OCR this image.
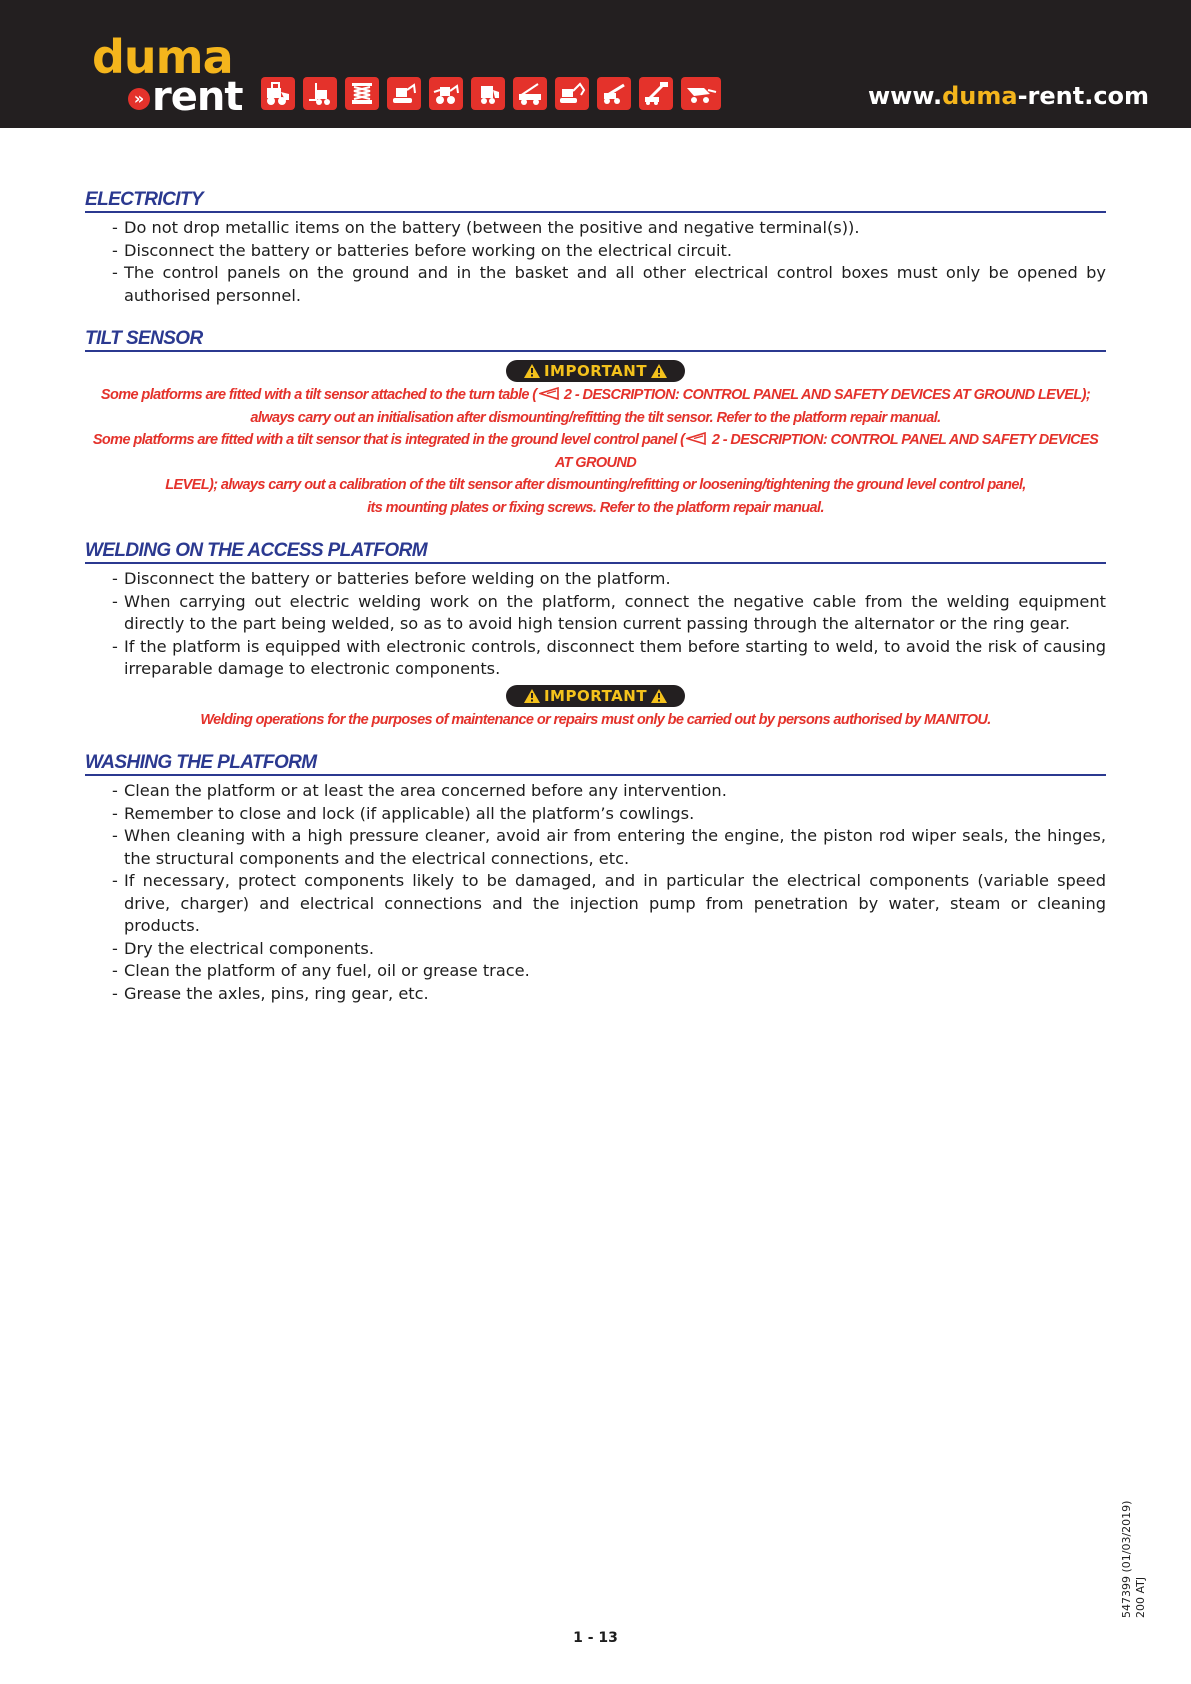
duma
» rent	www.duma-rent.com
ELECTRICITY
- Do not drop metallic items on the battery (between the positive and negative terminal(s)).
- Disconnect the battery or batteries before working on the electrical circuit.
- The control panels on the ground and in the basket and all other electrical control boxes must only be opened by authorised personnel.
TILT SENSOR
IMPORTANT
Some platforms are fitted with a tilt sensor attached to the turn table ( 2 - DESCRIPTION: CONTROL PANEL AND SAFETY DEVICES AT GROUND LEVEL);
always carry out an initialisation after dismounting/refitting the tilt sensor. Refer to the platform repair manual.
Some platforms are fitted with a tilt sensor that is integrated in the ground level control panel ( 2 - DESCRIPTION: CONTROL PANEL AND SAFETY DEVICES AT GROUND
LEVEL); always carry out a calibration of the tilt sensor after dismounting/refitting or loosening/tightening the ground level control panel,
its mounting plates or fixing screws. Refer to the platform repair manual.
WELDING ON THE ACCESS PLATFORM
- Disconnect the battery or batteries before welding on the platform.
- When carrying out electric welding work on the platform, connect the negative cable from the welding equipment directly to the part being welded, so as to avoid high tension current passing through the alternator or the ring gear.
- If the platform is equipped with electronic controls, disconnect them before starting to weld, to avoid the risk of causing irreparable damage to electronic components.
IMPORTANT
Welding operations for the purposes of maintenance or repairs must only be carried out by persons authorised by MANITOU.
WASHING THE PLATFORM
- Clean the platform or at least the area concerned before any intervention.
- Remember to close and lock (if applicable) all the platform’s cowlings.
- When cleaning with a high pressure cleaner, avoid air from entering the engine, the piston rod wiper seals, the hinges, the structural components and the electrical connections, etc.
- If necessary, protect components likely to be damaged, and in particular the electrical components (variable speed drive, charger) and electrical connections and the injection pump from penetration by water, steam or cleaning products.
- Dry the electrical components.
- Clean the platform of any fuel, oil or grease trace.
- Grease the axles, pins, ring gear, etc.
547399 (01/03/2019) 200 ATJ
1 - 13
